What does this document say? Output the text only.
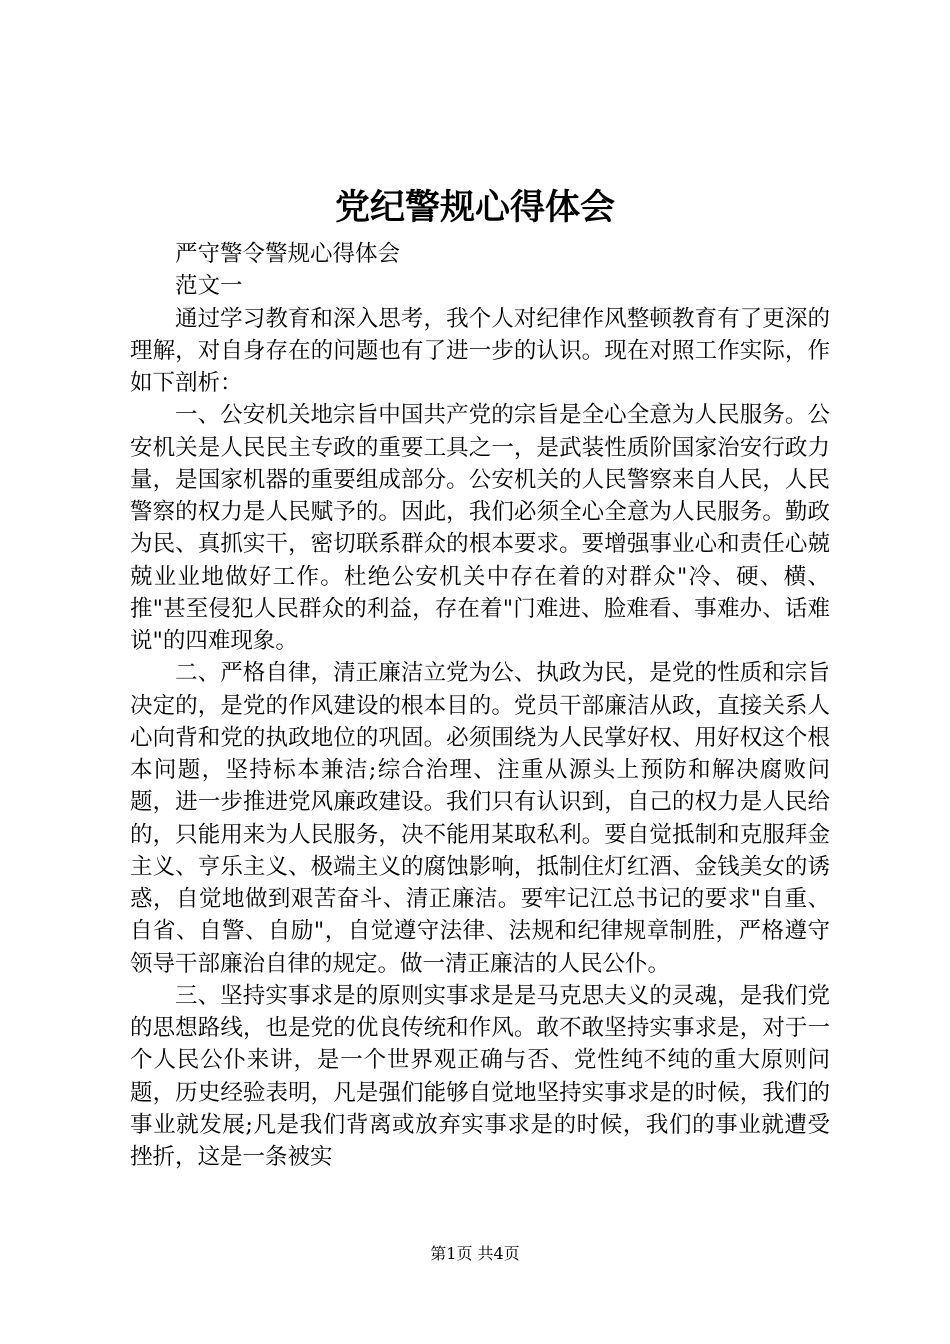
党纪警规心得体会

严守警令警规心得体会

范文一

通过学习教育和深入思考，我个人对纪律作风整顿教育有了更深的理解，对自身存在的问题也有了进一步的认识。现在对照工作实际，作如下剖析：

一、公安机关地宗旨中国共产党的宗旨是全心全意为人民服务。公安机关是人民民主专政的重要工具之一，是武装性质阶国家治安行政力量，是国家机器的重要组成部分。公安机关的人民警察来自人民，人民警察的权力是人民赋予的。因此，我们必须全心全意为人民服务。勤政为民、真抓实干，密切联系群众的根本要求。要增强事业心和责任心兢兢业业地做好工作。杜绝公安机关中存在着的对群众"冷、硬、横、推"甚至侵犯人民群众的利益，存在着"门难进、脸难看、事难办、话难说"的四难现象。

二、严格自律，清正廉洁立党为公、执政为民，是党的性质和宗旨决定的，是党的作风建设的根本目的。党员干部廉洁从政，直接关系人心向背和党的执政地位的巩固。必须围绕为人民掌好权、用好权这个根本问题，坚持标本兼洁;综合治理、注重从源头上预防和解决腐败问题，进一步推进党风廉政建设。我们只有认识到，自己的权力是人民给的，只能用来为人民服务，决不能用某取私利。要自觉抵制和克服拜金主义、亨乐主义、极端主义的腐蚀影响，抵制住灯红酒、金钱美女的诱惑，自觉地做到艰苦奋斗、清正廉洁。要牢记江总书记的要求"自重、自省、自警、自励"，自觉遵守法律、法规和纪律规章制胜，严格遵守领导干部廉治自律的规定。做一清正廉洁的人民公仆。

三、坚持实事求是的原则实事求是是马克思夫义的灵魂，是我们党的思想路线，也是党的优良传统和作风。敢不敢坚持实事求是，对于一个人民公仆来讲，是一个世界观正确与否、党性纯不纯的重大原则问题，历史经验表明，凡是强们能够自觉地坚持实事求是的时候，我们的事业就发展;凡是我们背离或放弃实事求是的时候，我们的事业就遭受挫折，这是一条被实

第1页 共4页
